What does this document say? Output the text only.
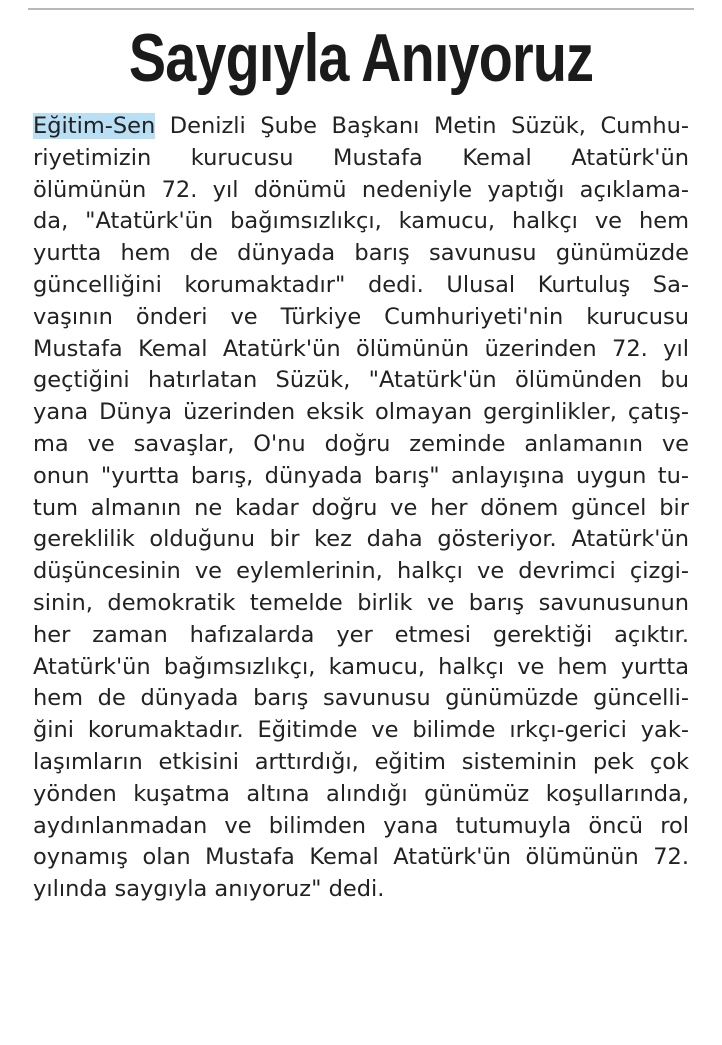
Saygıyla Anıyoruz
Eğitim-Sen Denizli Şube Başkanı Metin Süzük, Cumhu-
riyetimizin kurucusu Mustafa Kemal Atatürk'ün
ölümünün 72. yıl dönümü nedeniyle yaptığı açıklama-
da, "Atatürk'ün bağımsızlıkçı, kamucu, halkçı ve hem
yurtta hem de dünyada barış savunusu günümüzde
güncelliğini korumaktadır" dedi. Ulusal Kurtuluş Sa-
vaşının önderi ve Türkiye Cumhuriyeti'nin kurucusu
Mustafa Kemal Atatürk'ün ölümünün üzerinden 72. yıl
geçtiğini hatırlatan Süzük, "Atatürk'ün ölümünden bu
yana Dünya üzerinden eksik olmayan gerginlikler, çatış-
ma ve savaşlar, O'nu doğru zeminde anlamanın ve
onun "yurtta barış, dünyada barış" anlayışına uygun tu-
tum almanın ne kadar doğru ve her dönem güncel bir
gereklilik olduğunu bir kez daha gösteriyor. Atatürk'ün
düşüncesinin ve eylemlerinin, halkçı ve devrimci çizgi-
sinin, demokratik temelde birlik ve barış savunusunun
her zaman hafızalarda yer etmesi gerektiği açıktır.
Atatürk'ün bağımsızlıkçı, kamucu, halkçı ve hem yurtta
hem de dünyada barış savunusu günümüzde güncelli-
ğini korumaktadır. Eğitimde ve bilimde ırkçı-gerici yak-
laşımların etkisini arttırdığı, eğitim sisteminin pek çok
yönden kuşatma altına alındığı günümüz koşullarında,
aydınlanmadan ve bilimden yana tutumuyla öncü rol
oynamış olan Mustafa Kemal Atatürk'ün ölümünün 72.
yılında saygıyla anıyoruz" dedi.
